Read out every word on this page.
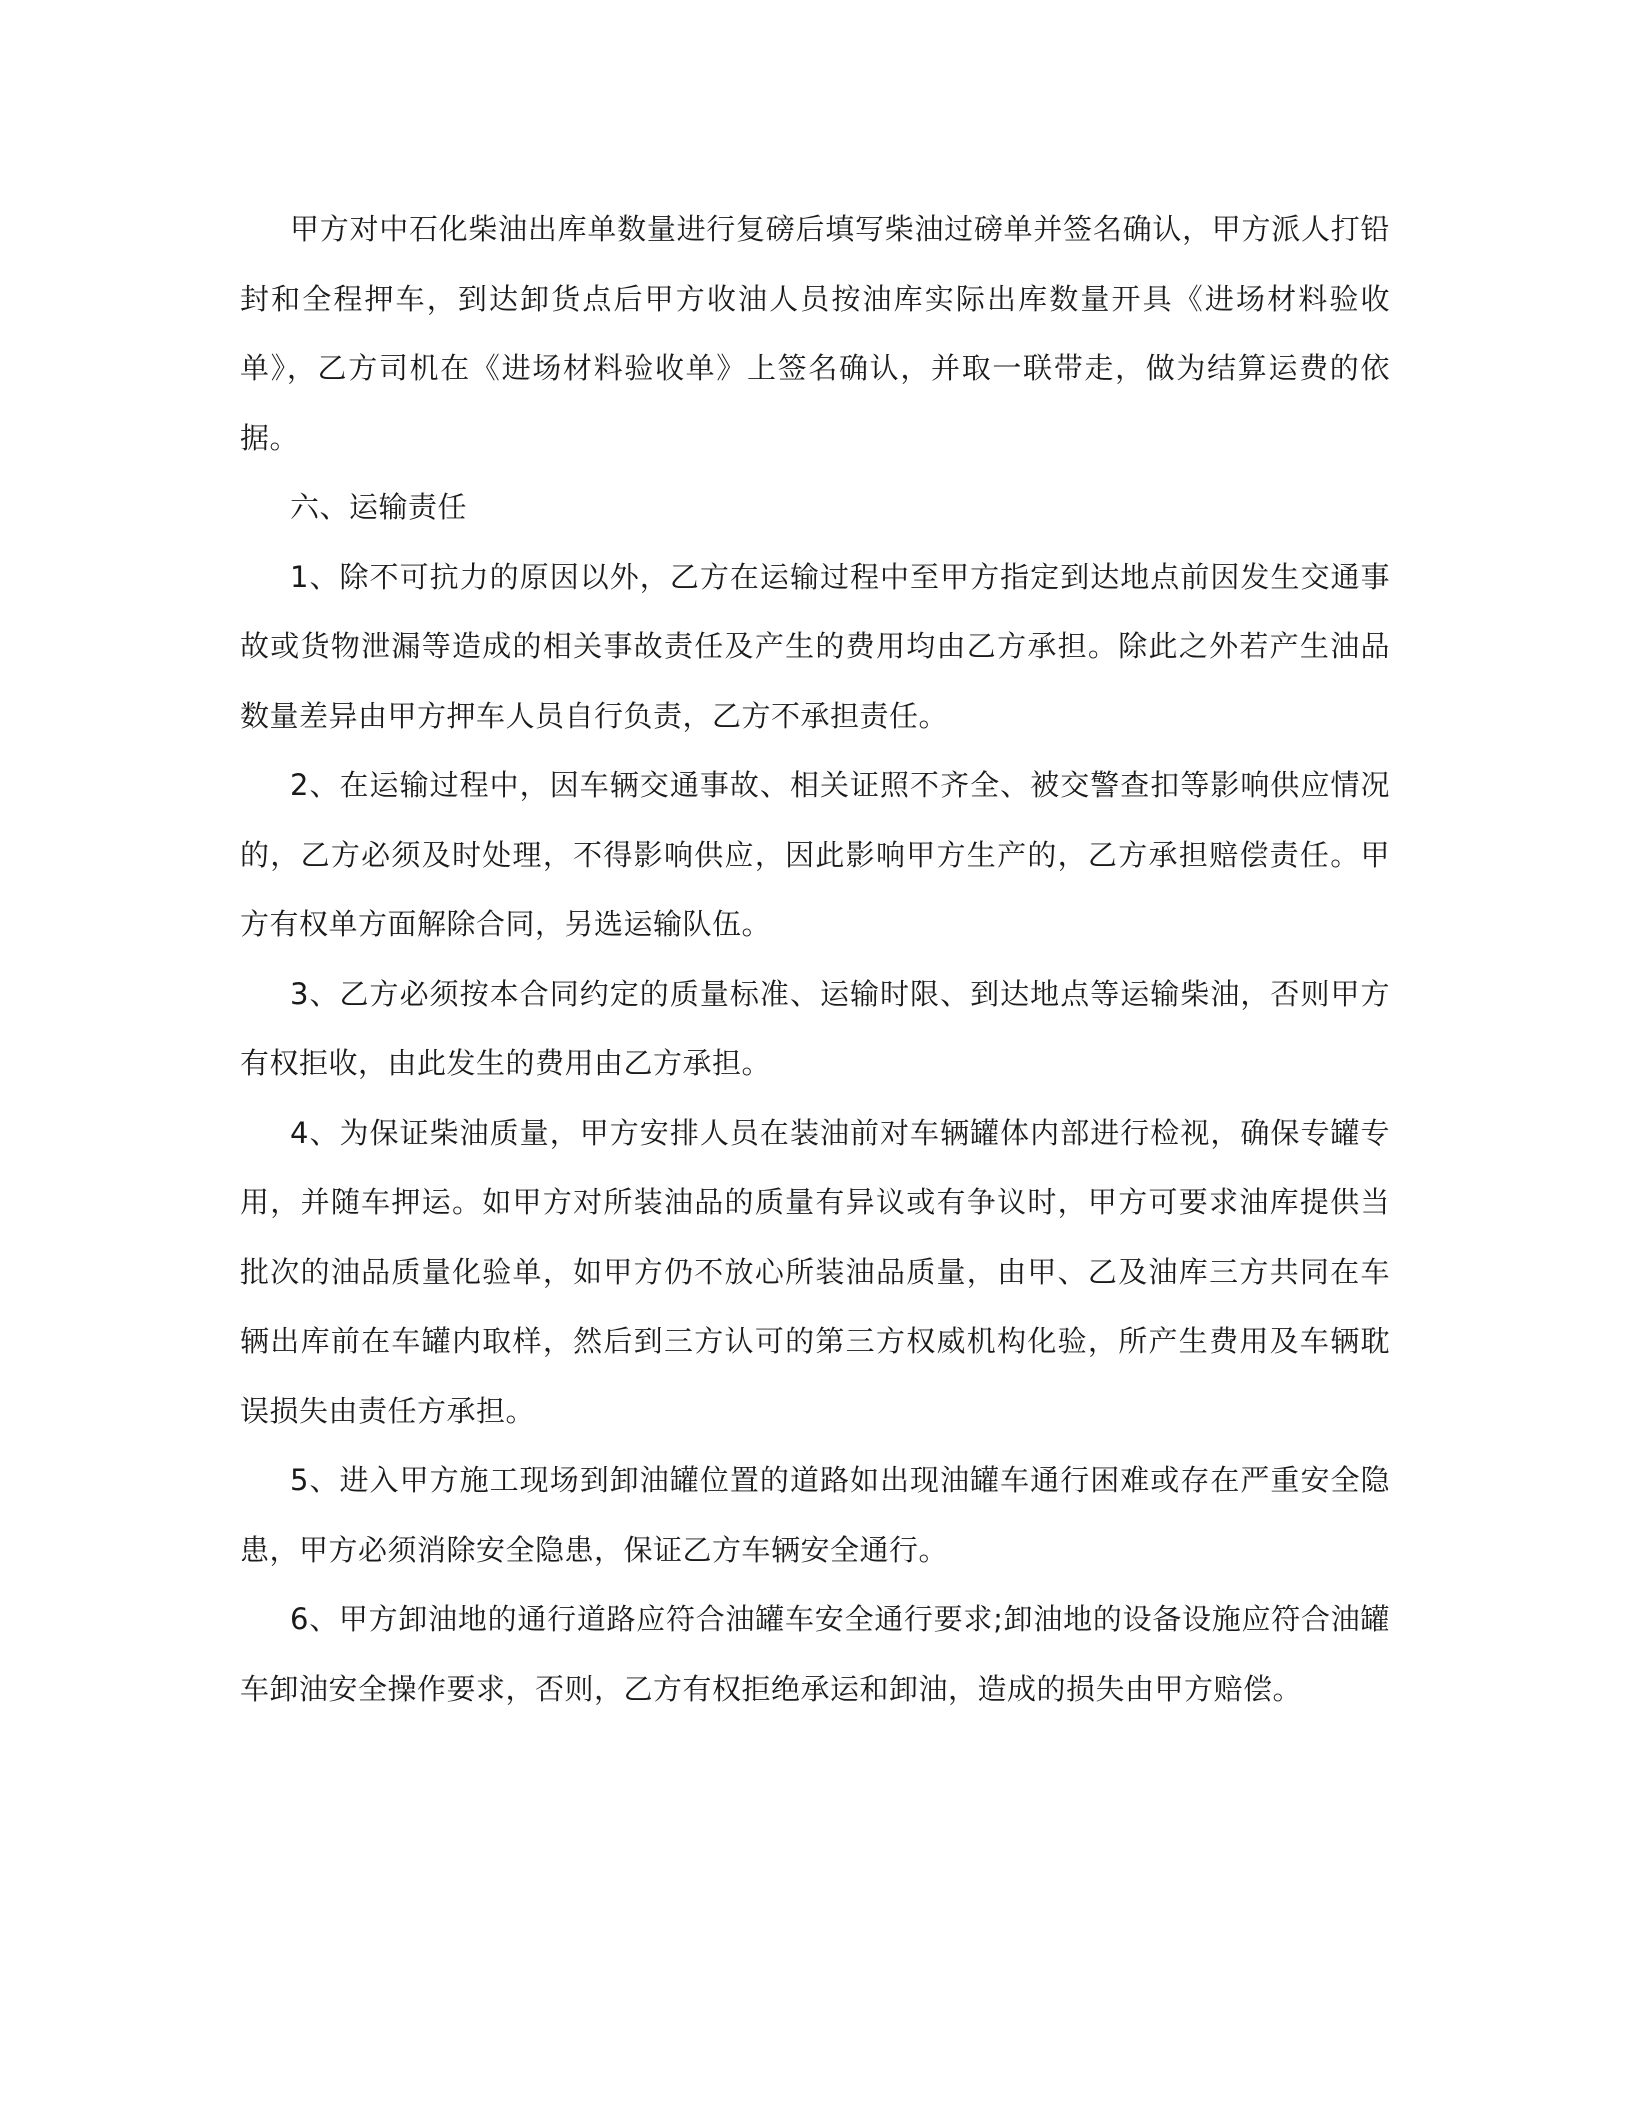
甲方对中石化柴油出库单数量进行复磅后填写柴油过磅单并签名确认，甲方派人打铅封和全程押车，到达卸货点后甲方收油人员按油库实际出库数量开具《进场材料验收单》，乙方司机在《进场材料验收单》上签名确认，并取一联带走，做为结算运费的依据。

六、运输责任

1、除不可抗力的原因以外，乙方在运输过程中至甲方指定到达地点前因发生交通事故或货物泄漏等造成的相关事故责任及产生的费用均由乙方承担。除此之外若产生油品数量差异由甲方押车人员自行负责，乙方不承担责任。

2、在运输过程中，因车辆交通事故、相关证照不齐全、被交警查扣等影响供应情况的，乙方必须及时处理，不得影响供应，因此影响甲方生产的，乙方承担赔偿责任。甲方有权单方面解除合同，另选运输队伍。

3、乙方必须按本合同约定的质量标准、运输时限、到达地点等运输柴油，否则甲方有权拒收，由此发生的费用由乙方承担。

4、为保证柴油质量，甲方安排人员在装油前对车辆罐体内部进行检视，确保专罐专用，并随车押运。如甲方对所装油品的质量有异议或有争议时，甲方可要求油库提供当批次的油品质量化验单，如甲方仍不放心所装油品质量，由甲、乙及油库三方共同在车辆出库前在车罐内取样，然后到三方认可的第三方权威机构化验，所产生费用及车辆耽误损失由责任方承担。

5、进入甲方施工现场到卸油罐位置的道路如出现油罐车通行困难或存在严重安全隐患，甲方必须消除安全隐患，保证乙方车辆安全通行。

6、甲方卸油地的通行道路应符合油罐车安全通行要求;卸油地的设备设施应符合油罐车卸油安全操作要求，否则，乙方有权拒绝承运和卸油，造成的损失由甲方赔偿。
